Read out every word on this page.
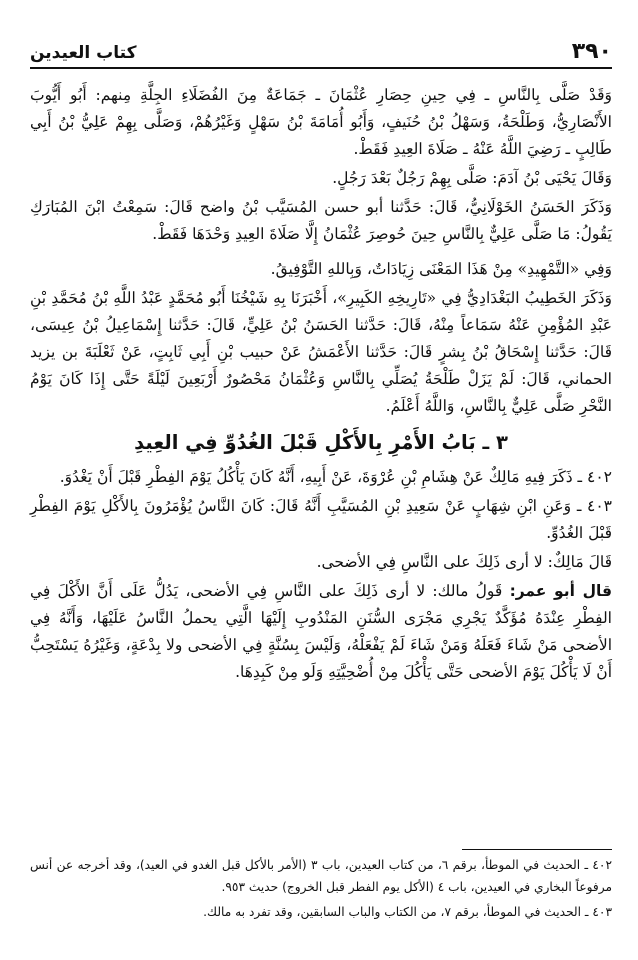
٣٩٠
كتاب العيدين

وَقَدْ صَلَّى بِالنَّاسِ ـ فِي حِينِ حِصَارِ عُثْمَانَ ـ جَمَاعَةٌ مِنَ الفُضَلَاءِ الجِلَّةِ مِنهم: أَبُو أَيُّوبَ الأَنْصَارِيُّ، وَطَلْحَةُ، وَسَهْلُ بْنُ حُنَيفٍ، وَأَبُو أُمَامَةَ بْنُ سَهْلٍ وَغَيْرُهُمْ، وَصَلَّى بِهِمْ عَلِيُّ بْنُ أَبِي طَالِبٍ ـ رَضِيَ اللَّهُ عَنْهُ ـ صَلَاةَ العِيدِ فَقَطْ.

وَقَالَ يَحْيَى بْنُ آدَمَ: صَلَّى بِهِمْ رَجُلٌ بَعْدَ رَجُلٍ.

وَذَكَرَ الحَسَنُ الخَوْلَانِيُّ، قَالَ: حَدَّثنا أبو حسن المُسَيَّب بْنُ واضح قَالَ: سَمِعْتُ ابْنَ المُبَارَكِ يَقُولُ: مَا صَلَّى عَلِيٌّ بِالنَّاسِ حِينَ حُوصِرَ عُثْمَانُ إِلَّا صَلَاةَ العِيدِ وَحْدَهَا فَقَطْ.

وَفِي «التَّمْهِيدِ» مِنْ هَذَا المَعْنَى زِيَادَاتٌ، وَبِاللهِ التَّوْفِيقُ.

وَذَكَرَ الخَطِيبُ البَغْدَادِيُّ فِي «تَارِيخِهِ الكَبِيرِ»، أَخْبَرَنَا بِهِ شَيْخُنَا أَبُو مُحَمَّدٍ عَبْدُ اللَّهِ بْنُ مُحَمَّدِ بْنِ عَبْدِ المُؤْمِنِ عَنْهُ سَمَاعاً مِنْهُ، قَالَ: حَدَّثنا الحَسَنُ بْنُ عَلِيٍّ، قَالَ: حَدَّثنا إِسْمَاعِيلُ بْنُ عِيسَى، قَالَ: حَدَّثنا إِسْحَاقُ بْنُ بِشرٍ قَالَ: حَدَّثنا الأَعْمَشُ عَنْ حبيب بْنِ أَبِي ثَابِتٍ، عَنْ ثَعْلَبَةَ بن يزيد الحماني، قَالَ: لَمْ يَزَلْ طَلْحَةُ يُصَلِّي بِالنَّاسِ وَعُثْمَانُ مَحْصُورٌ أَرْبَعِينَ لَيْلَةً حَتَّى إِذَا كَانَ يَوْمُ النَّحْرِ صَلَّى عَلِيٌّ بِالنَّاسِ، وَاللَّهُ أَعْلَمُ.

٣ ـ بَابُ الأَمْرِ بِالأَكْلِ قَبْلَ الغُدُوِّ فِي العِيدِ

٤٠٢ ـ ذَكَرَ فِيهِ مَالِكٌ عَنْ هِشَامِ بْنِ عُرْوَةَ، عَنْ أَبِيهِ، أَنَّهُ كَانَ يَأْكُلُ يَوْمَ الفِطْرِ قَبْلَ أَنْ يَغْدُوَ.

٤٠٣ ـ وَعَنِ ابْنِ شِهَابٍ عَنْ سَعِيدِ بْنِ المُسَيَّبِ أَنَّهُ قَالَ: كَانَ النَّاسُ يُؤْمَرُونَ بِالأَكْلِ يَوْمَ الفِطْرِ قَبْلَ الغُدُوِّ.

قَالَ مَالِكٌ: لا أرى ذَلِكَ على النَّاسِ فِي الأضحى.

قال أبو عمر: قَولُ مالك: لا أرى ذَلِكَ على النَّاسِ فِي الأضحى، يَدُلُّ عَلَى أَنَّ الأَكْلَ فِي الفِطْرِ عِنْدَهُ مُؤَكَّدٌ يَجْرِي مَجْرَى السُّنَنِ المَنْدُوبِ إِلَيْهَا الَّتِي يحملُ النَّاسُ عَلَيْهَا، وَأَنَّهُ فِي الأضحى مَنْ شَاءَ فَعَلَهُ وَمَنْ شَاءَ لَمْ يَفْعَلْهُ، وَلَيْسَ بِسُنَّةٍ فِي الأضحى ولا بِدْعَةٍ، وَغَيْرُهُ يَسْتَحِبُّ أَنْ لَا يَأْكُلَ يَوْمَ الأضحى حَتَّى يَأْكُلَ مِنْ أُضْحِيَّتِهِ وَلَو مِنْ كَبِدِهَا.

٤٠٢ ـ الحديث في الموطأ، برقم ٦، من كتاب العيدين، باب ٣ (الأمر بالأكل قبل الغدو في العيد)، وقد أخرجه عن أنس مرفوعاً البخاري في العيدين، باب ٤ (الأكل يوم الفطر قبل الخروج) حديث ٩٥٣.

٤٠٣ ـ الحديث في الموطأ، برقم ٧، من الكتاب والباب السابقين، وقد تفرد به مالك.
